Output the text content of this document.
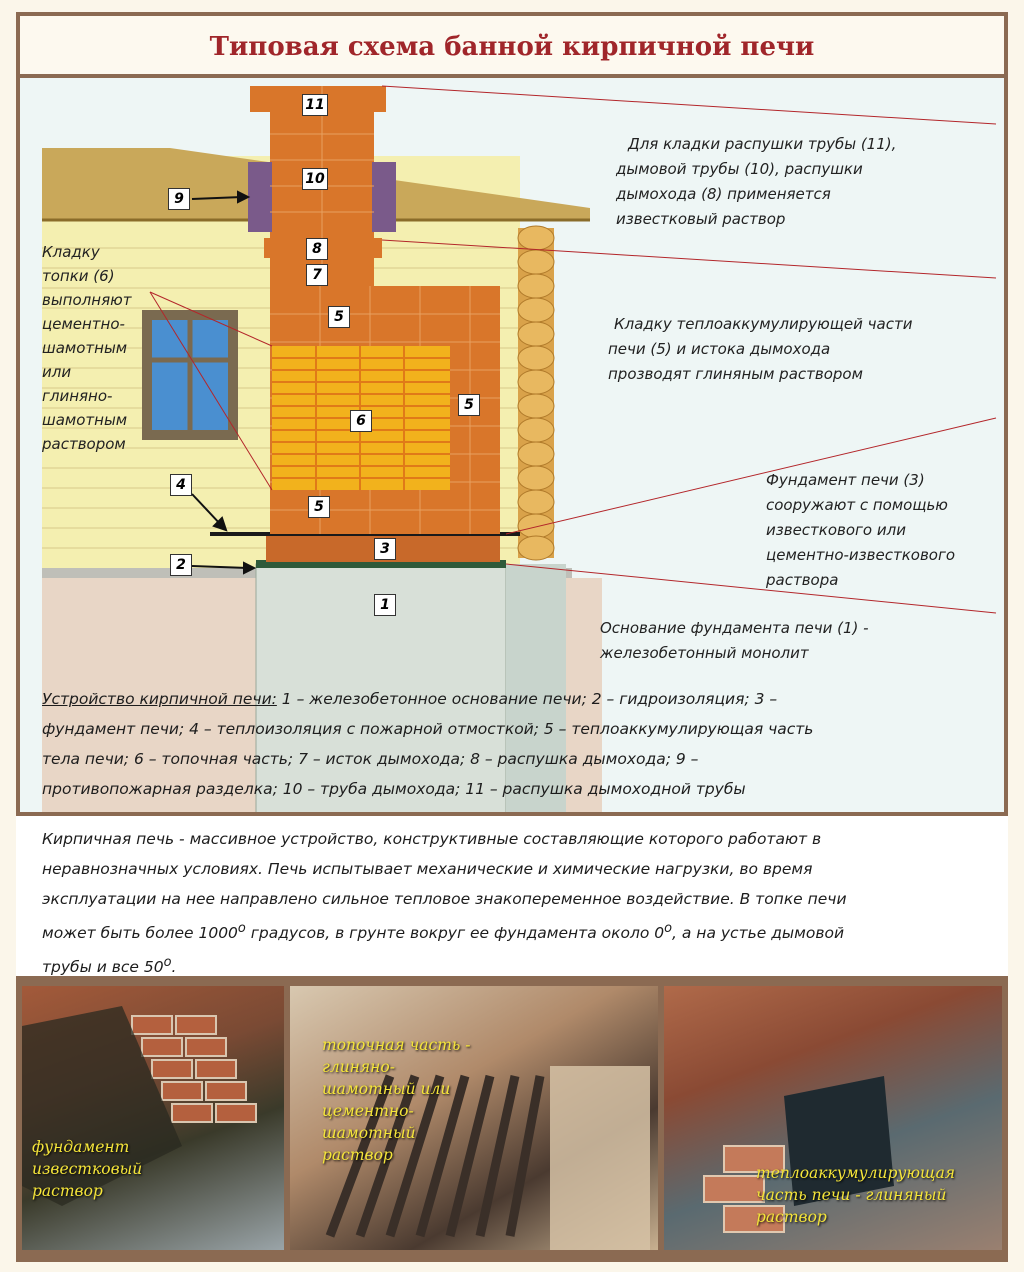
Типовая схема банной кирпичной печи
11
10
9
8
7
5
6
5
5
4
3
2
1
Кладку
топки (6)
выполняют
цементно-
шамотным
или
глиняно-
шамотным
раствором
Для кладки распушки трубы (11),
дымовой трубы (10), распушки
дымохода (8) применяется
известковый раствор
Кладку теплоаккумулирующей части
печи (5) и истока дымохода
прозводят глиняным раствором
Фундамент печи (3)
сооружают с помощью
известкового или
цементно-известкового
раствора
Основание фундамента печи (1) -
железобетонный монолит
Устройство кирпичной печи: 1 – железобетонное основание печи; 2 – гидроизоляция; 3 –
фундамент печи; 4 – теплоизоляция с пожарной отмосткой; 5 – теплоаккумулирующая часть
тела печи; 6 – топочная часть; 7 – исток дымохода; 8 – распушка дымохода; 9 –
противопожарная разделка; 10 – труба дымохода; 11 – распушка дымоходной трубы
Кирпичная печь - массивное устройство, конструктивные составляющие которого работают в
неравнозначных условиях. Печь испытывает механические и химические нагрузки, во время
эксплуатации на нее направлено сильное тепловое знакопеременное воздействие. В топке печи
может быть более $1000^о$ градусов, в грунте вокруг ее фундамента около $0^о$, а на устье дымовой
трубы и все $50^о$.
фундамент
известковый
раствор
топочная часть -
глиняно-
шамотный или
цементно-
шамотный
раствор
теплоаккумулирующая
часть печи - глиняный
раствор
